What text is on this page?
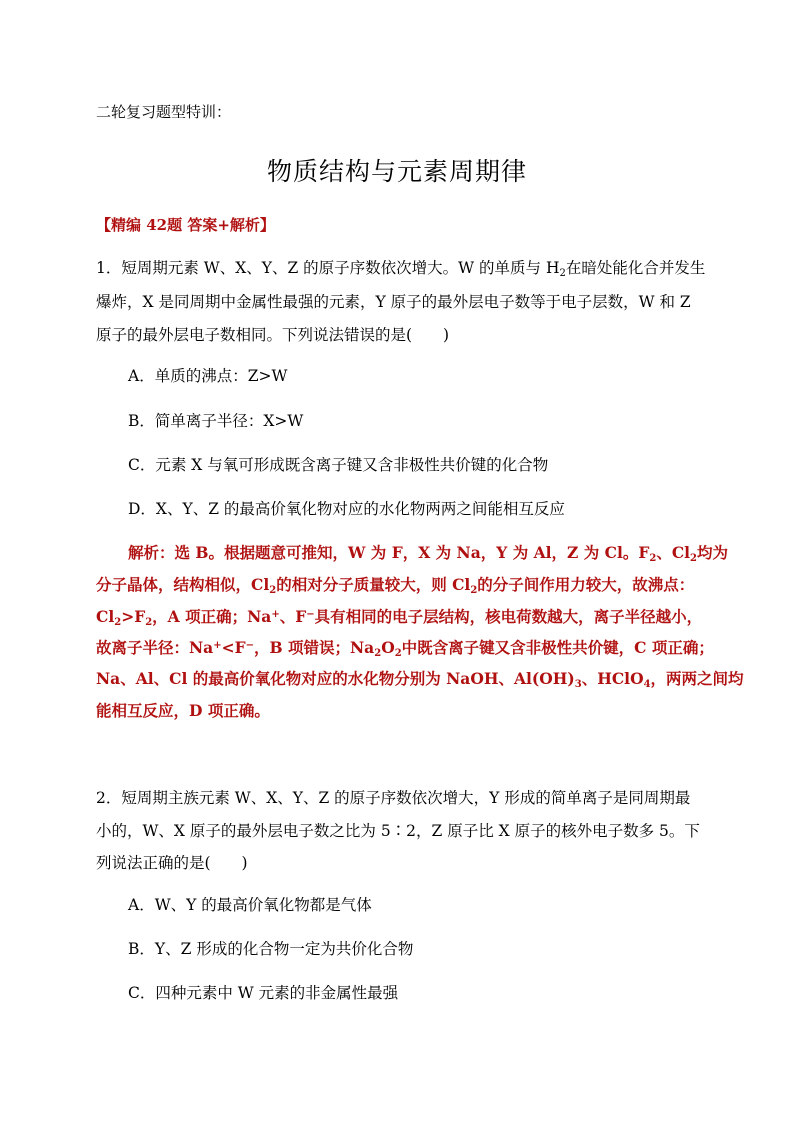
二轮复习题型特训：
物质结构与元素周期律
【精编 42题 答案+解析】
1．短周期元素 W、X、Y、Z 的原子序数依次增大。W 的单质与 $H_2$在暗处能化合并发生
爆炸，X 是同周期中金属性最强的元素，Y 原子的最外层电子数等于电子层数，W 和 Z
原子的最外层电子数相同。下列说法错误的是(　　)
A．单质的沸点：Z>W
B．简单离子半径：X>W
C．元素 X 与氧可形成既含离子键又含非极性共价键的化合物
D．X、Y、Z 的最高价氧化物对应的水化物两两之间能相互反应
解析：选 B。根据题意可推知，W 为 F，X 为 Na，Y 为 Al，Z 为 Cl。$F_2$、$Cl_2$均为
分子晶体，结构相似，$Cl_2$的相对分子质量较大，则 $Cl_2$的分子间作用力较大，故沸点：
$Cl_2>F_2$，A 项正确；Na+、F−具有相同的电子层结构，核电荷数越大，离子半径越小，
故离子半径：Na+<F−，B 项错误；$Na_2O_2$中既含离子键又含非极性共价键，C 项正确；
Na、Al、Cl 的最高价氧化物对应的水化物分别为 NaOH、$Al(OH)_3$、HClO$_4$，两两之间均
能相互反应，D 项正确。
2．短周期主族元素 W、X、Y、Z 的原子序数依次增大，Y 形成的简单离子是同周期最
小的，W、X 原子的最外层电子数之比为 5∶2，Z 原子比 X 原子的核外电子数多 5。下
列说法正确的是(　　)
A．W、Y 的最高价氧化物都是气体
B．Y、Z 形成的化合物一定为共价化合物
C．四种元素中 W 元素的非金属性最强
